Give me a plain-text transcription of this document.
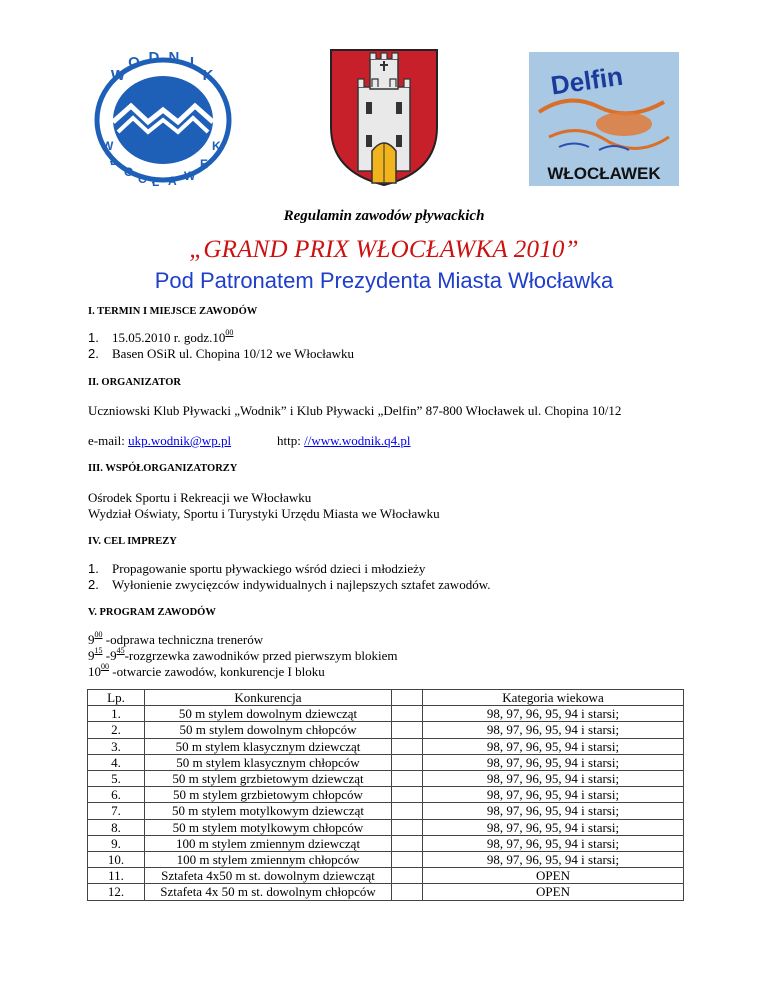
W O D N I K
W Ł O C Ł A W E K
Delfin
WŁOCŁAWEK
Regulamin zawodów pływackich
„GRAND PRIX WŁOCŁAWKA 2010”
Pod Patronatem Prezydenta Miasta Włocławka
I. TERMIN I MIEJSCE ZAWODÓW
1. 15.05.2010 r. $godz.10^{00}$
2. Basen OSiR ul. Chopina 10/12 we Włocławku
II. ORGANIZATOR
Uczniowski Klub Pływacki „Wodnik” i Klub Pływacki „Delfin” 87-800 Włocławek ul. Chopina 10/12
e-mail: ukp.wodnik@wp.pl	http: //www.wodnik.q4.pl
III. WSPÓŁORGANIZATORZY
Ośrodek Sportu i Rekreacji we Włocławku
Wydział Oświaty, Sportu i Turystyki Urzędu Miasta we Włocławku
IV. CEL IMPREZY
1. Propagowanie sportu pływackiego wśród dzieci i młodzieży
2. Wyłonienie zwycięzców indywidualnych i najlepszych sztafet zawodów.
V. PROGRAM ZAWODÓW
$9^{00}$ -odprawa techniczna trenerów
$9^{15}$ $-9^{45}$-rozgrzewka zawodników przed pierwszym blokiem
$10^{00}$ -otwarcie zawodów, konkurencje I bloku
Lp.	Konkurencja		Kategoria wiekowa
1.	50 m stylem dowolnym dziewcząt		98, 97, 96, 95, 94 i starsi;
2.	50 m stylem dowolnym chłopców		98, 97, 96, 95, 94 i starsi;
3.	50 m stylem klasycznym dziewcząt		98, 97, 96, 95, 94 i starsi;
4.	50 m stylem klasycznym chłopców		98, 97, 96, 95, 94 i starsi;
5.	50 m stylem grzbietowym dziewcząt		98, 97, 96, 95, 94 i starsi;
6.	50 m stylem grzbietowym chłopców		98, 97, 96, 95, 94 i starsi;
7.	50 m stylem motylkowym dziewcząt		98, 97, 96, 95, 94 i starsi;
8.	50 m stylem motylkowym chłopców		98, 97, 96, 95, 94 i starsi;
9.	100 m stylem zmiennym dziewcząt		98, 97, 96, 95, 94 i starsi;
10.	100 m stylem zmiennym chłopców		98, 97, 96, 95, 94 i starsi;
11.	Sztafeta 4x50 m st. dowolnym dziewcząt		OPEN
12.	Sztafeta 4x 50 m st. dowolnym chłopców		OPEN
